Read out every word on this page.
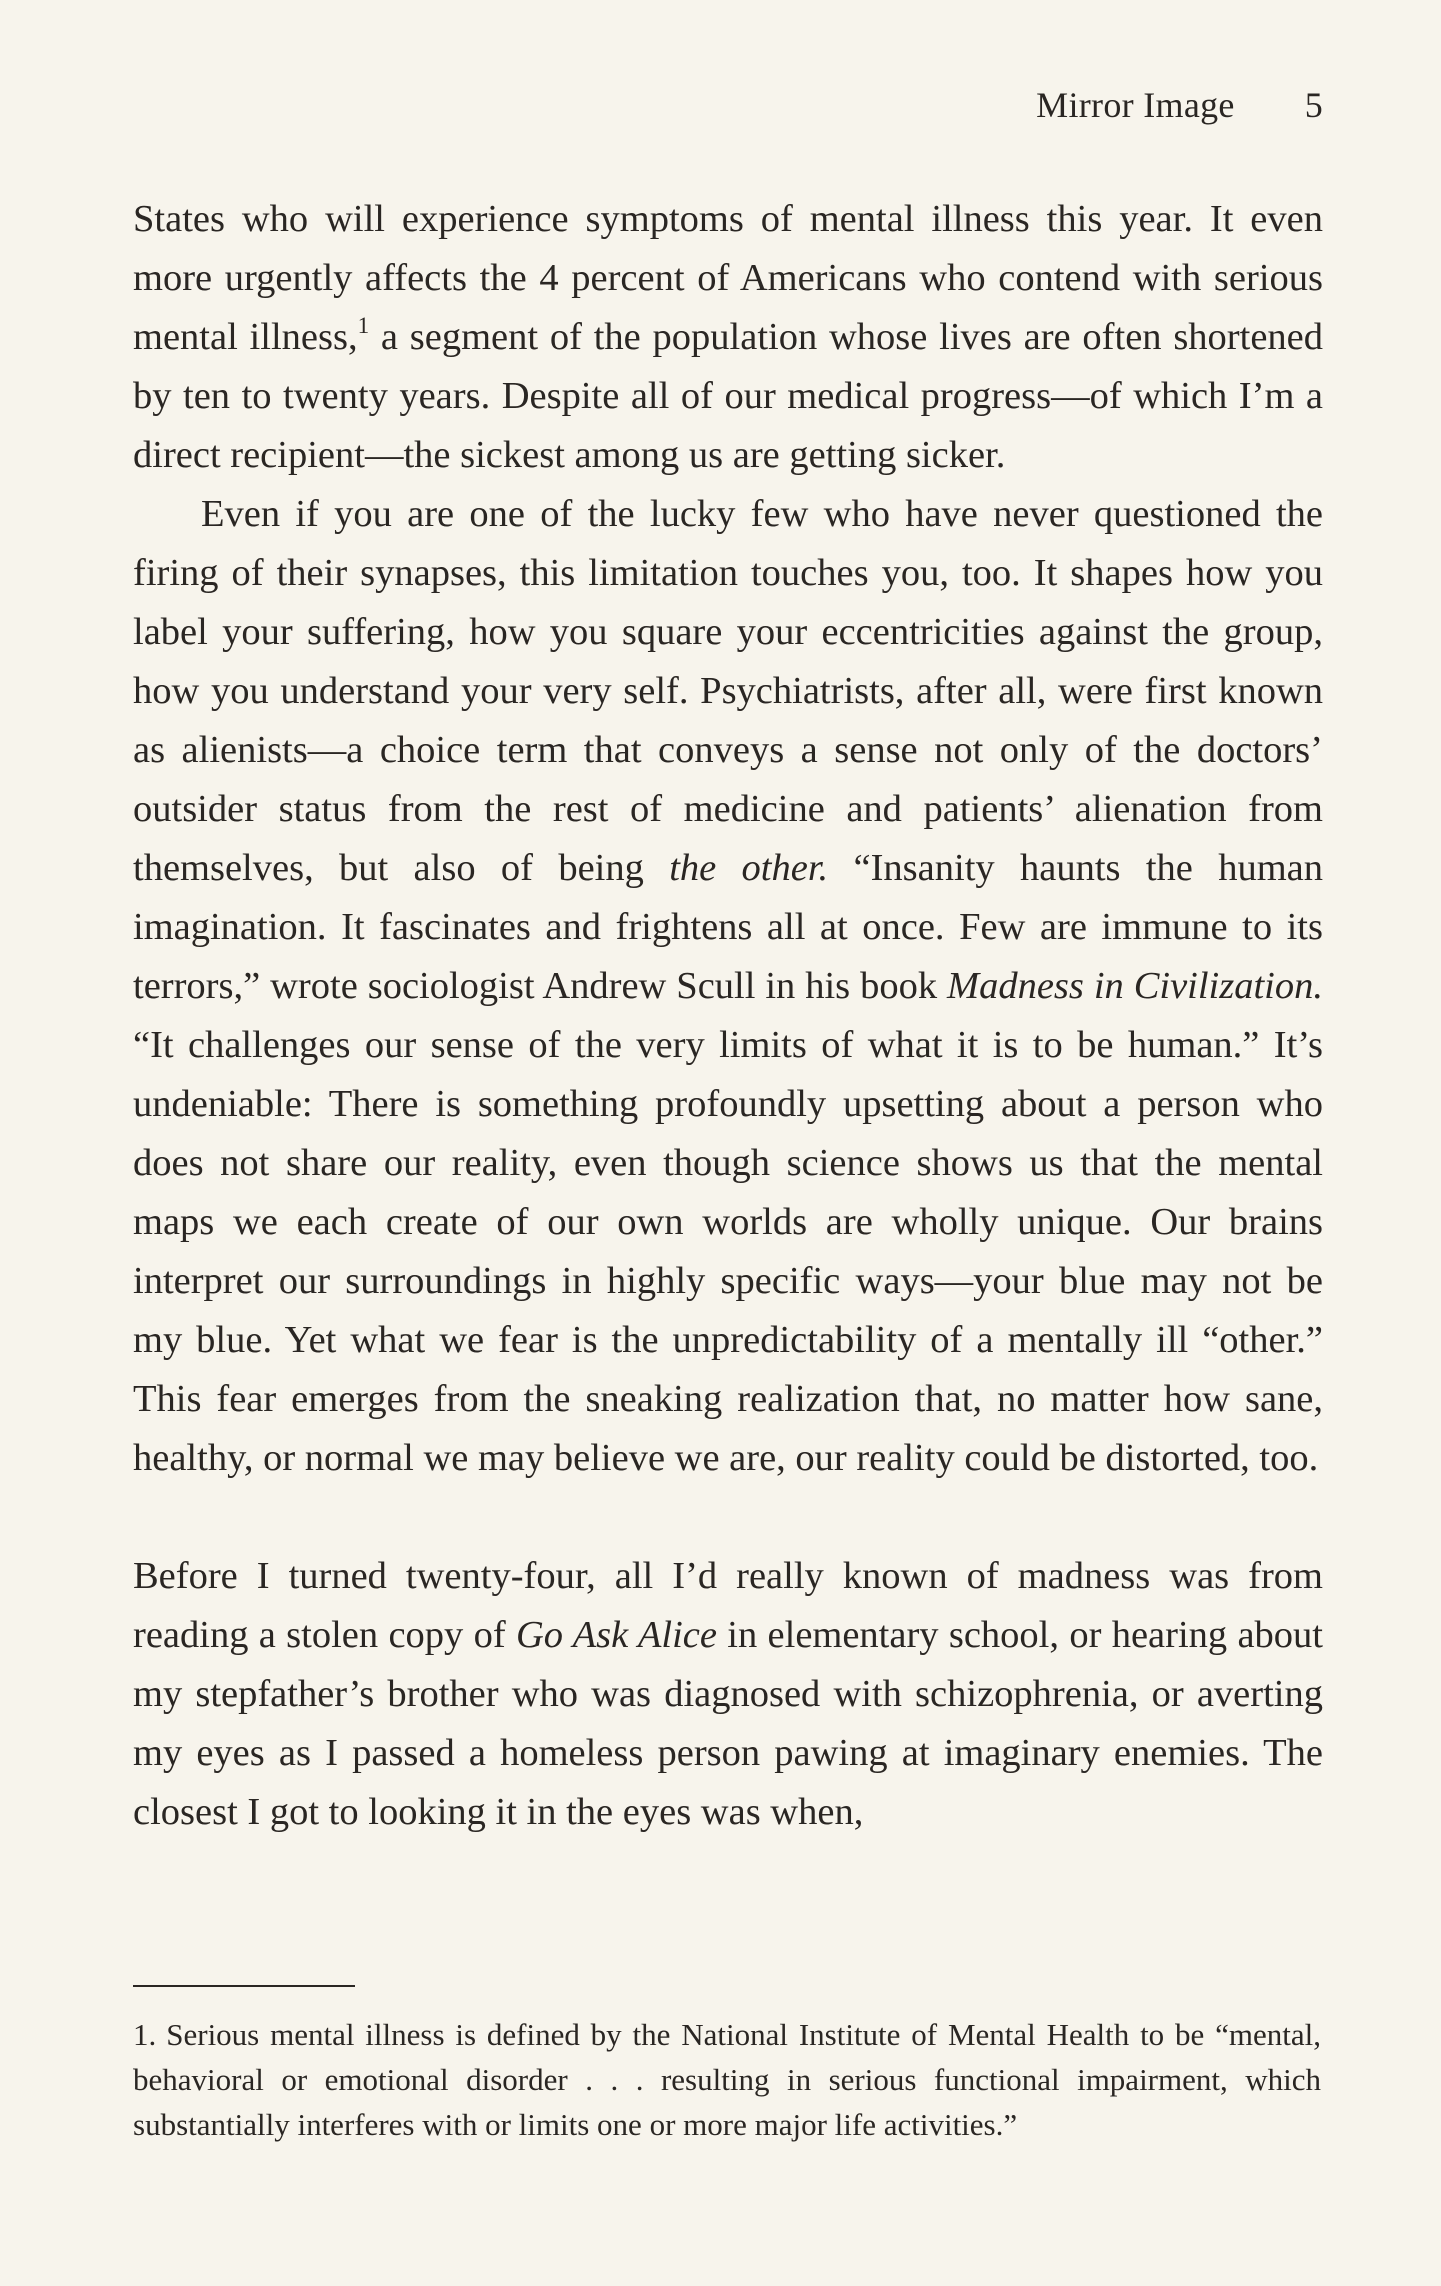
Mirror Image 5

States who will experience symptoms of mental illness this year. It even more urgently affects the 4 percent of Americans who contend with serious mental illness,$^1$ a segment of the population whose lives are often shortened by ten to twenty years. Despite all of our medical progress—of which I’m a direct recipient—the sickest among us are getting sicker.

Even if you are one of the lucky few who have never questioned the firing of their synapses, this limitation touches you, too. It shapes how you label your suffering, how you square your eccentricities against the group, how you understand your very self. Psychiatrists, after all, were first known as alienists—a choice term that conveys a sense not only of the doctors’ outsider status from the rest of medicine and patients’ alienation from themselves, but also of being the other. “Insanity haunts the human imagination. It fascinates and frightens all at once. Few are immune to its terrors,” wrote sociologist Andrew Scull in his book Madness in Civilization. “It challenges our sense of the very limits of what it is to be human.” It’s undeniable: There is something profoundly upsetting about a person who does not share our reality, even though science shows us that the mental maps we each create of our own worlds are wholly unique. Our brains interpret our surroundings in highly specific ways—your blue may not be my blue. Yet what we fear is the unpredictability of a mentally ill “other.” This fear emerges from the sneaking realization that, no matter how sane, healthy, or normal we may believe we are, our reality could be distorted, too.

Before I turned twenty-four, all I’d really known of madness was from reading a stolen copy of Go Ask Alice in elementary school, or hearing about my stepfather’s brother who was diagnosed with schizophrenia, or averting my eyes as I passed a homeless person pawing at imaginary enemies. The closest I got to looking it in the eyes was when,

1. Serious mental illness is defined by the National Institute of Mental Health to be “mental, behavioral or emotional disorder . . . resulting in serious functional impairment, which substantially interferes with or limits one or more major life activities.”
